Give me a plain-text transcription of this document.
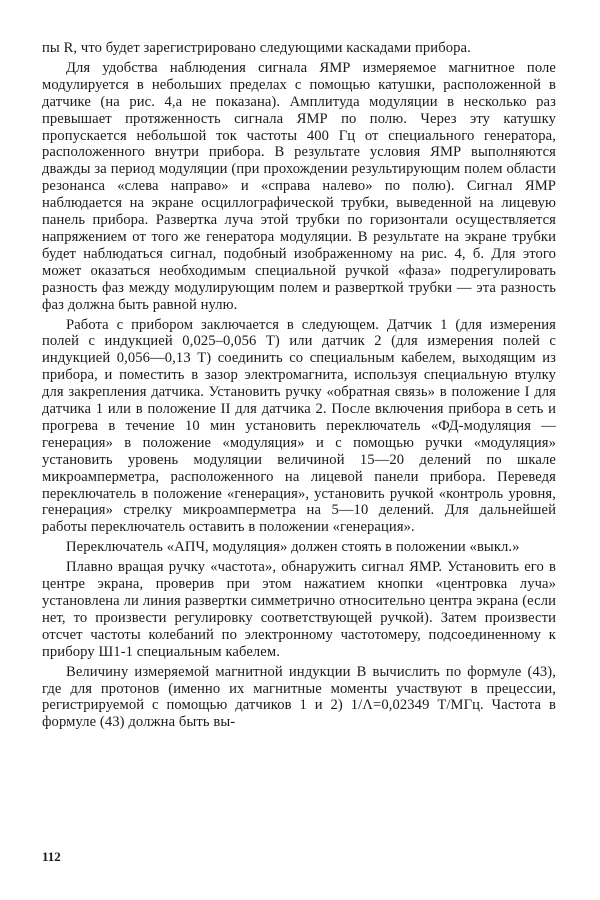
пы R, что будет зарегистрировано следующими каскадами прибора.

Для удобства наблюдения сигнала ЯМР измеряемое магнитное поле модулируется в небольших пределах с помощью катушки, расположенной в датчике (на рис. 4,а не показана). Амплитуда модуляции в несколько раз превышает протяженность сигнала ЯМР по полю. Через эту катушку пропускается небольшой ток частоты 400 Гц от специального генератора, расположенного внутри прибора. В результате условия ЯМР выполняются дважды за период модуляции (при прохождении результирующим полем области резонанса «слева направо» и «справа налево» по полю). Сигнал ЯМР наблюдается на экране осциллографической трубки, выведенной на лицевую панель прибора. Развертка луча этой трубки по горизонтали осуществляется напряжением от того же генератора модуляции. В результате на экране трубки будет наблюдаться сигнал, подобный изображенному на рис. 4, б. Для этого может оказаться необходимым специальной ручкой «фаза» подрегулировать разность фаз между модулирующим полем и разверткой трубки — эта разность фаз должна быть равной нулю.

Работа с прибором заключается в следующем. Датчик 1 (для измерения полей с индукцией 0,025–0,056 Т) или датчик 2 (для измерения полей с индукцией 0,056—0,13 Т) соединить со специальным кабелем, выходящим из прибора, и поместить в зазор электромагнита, используя специальную втулку для закрепления датчика. Установить ручку «обратная связь» в положение I для датчика 1 или в положение II для датчика 2. После включения прибора в сеть и прогрева в течение 10 мин установить переключатель «ФД-модуляция — генерация» в положение «модуляция» и с помощью ручки «модуляция» установить уровень модуляции величиной 15—20 делений по шкале микроамперметра, расположенного на лицевой панели прибора. Переведя переключатель в положение «генерация», установить ручкой «контроль уровня, генерация» стрелку микроамперметра на 5—10 делений. Для дальнейшей работы переключатель оставить в положении «генерация».

Переключатель «АПЧ, модуляция» должен стоять в положении «выкл.»

Плавно вращая ручку «частота», обнаружить сигнал ЯМР. Установить его в центре экрана, проверив при этом нажатием кнопки «центровка луча» установлена ли линия развертки симметрично относительно центра экрана (если нет, то произвести регулировку соответствующей ручкой). Затем произвести отсчет частоты колебаний по электронному частотомеру, подсоединенному к прибору Ш1-1 специальным кабелем.

Величину измеряемой магнитной индукции B вычислить по формуле (43), где для протонов (именно их магнитные моменты участвуют в прецессии, регистрируемой с помощью датчиков 1 и 2) 1/Λ=0,02349 Т/МГц. Частота в формуле (43) должна быть вы-

112
